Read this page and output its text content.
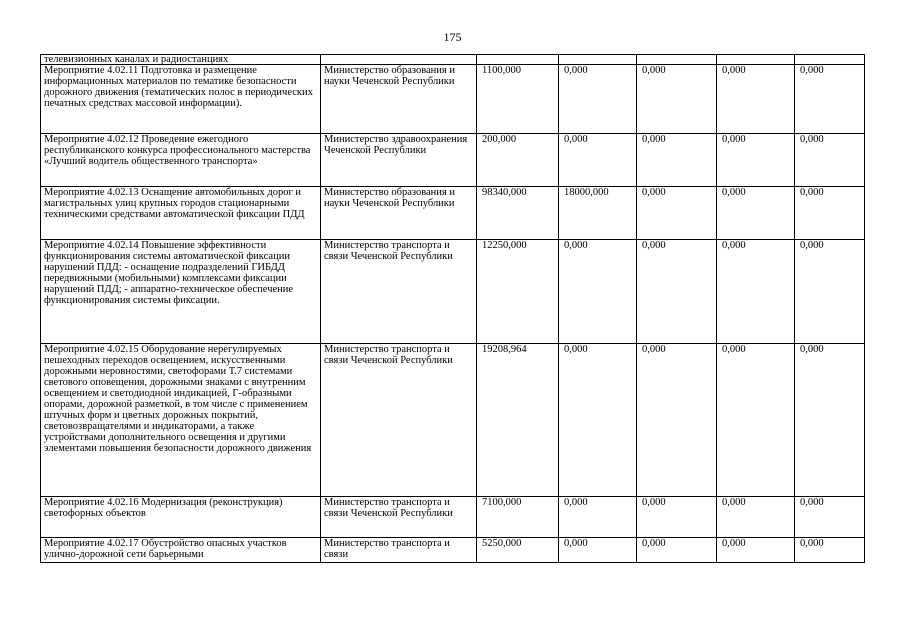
175
телевизионных каналах и радиостанциях						
Мероприятие 4.02.11 Подготовка и размещение информационных материалов по тематике безопасности дорожного движения (тематических полос в периодических печатных средствах массовой информации).	Министерство образования и науки Чеченской Республики	1100,000	0,000	0,000	0,000	0,000
Мероприятие 4.02.12 Проведение ежегодного республиканского конкурса профессионального мастерства «Лучший водитель общественного транспорта»	Министерство здравоохранения Чеченской Республики	200,000	0,000	0,000	0,000	0,000
Мероприятие 4.02.13 Оснащение автомобильных дорог и магистральных улиц крупных городов стационарными техническими средствами автоматической фиксации ПДД	Министерство образования и науки Чеченской Республики	98340,000	18000,000	0,000	0,000	0,000
Мероприятие 4.02.14 Повышение эффективности функционирования системы автоматической фиксации нарушений ПДД: - оснащение подразделений ГИБДД передвижными (мобильными) комплексами фиксации нарушений ПДД; - аппаратно-техническое обеспечение функционирования системы фиксации.	Министерство транспорта и связи Чеченской Республики	12250,000	0,000	0,000	0,000	0,000
Мероприятие 4.02.15 Оборудование нерегулируемых пешеходных переходов освещением, искусственными дорожными неровностями, светофорами Т.7 системами светового оповещения, дорожными знаками с внутренним освещением и светодиодной индикацией, Г-образными опорами, дорожной разметкой, в том числе с применением штучных форм и цветных дорожных покрытий, световозвращателями и индикаторами, а также устройствами дополнительного освещения и другими элементами повышения безопасности дорожного движения	Министерство транспорта и связи Чеченской Республики	19208,964	0,000	0,000	0,000	0,000
Мероприятие 4.02.16 Модернизация (реконструкция) светофорных объектов	Министерство транспорта и связи Чеченской Республики	7100,000	0,000	0,000	0,000	0,000
Мероприятие 4.02.17 Обустройство опасных участков улично-дорожной сети барьерными	Министерство транспорта и связи	5250,000	0,000	0,000	0,000	0,000
